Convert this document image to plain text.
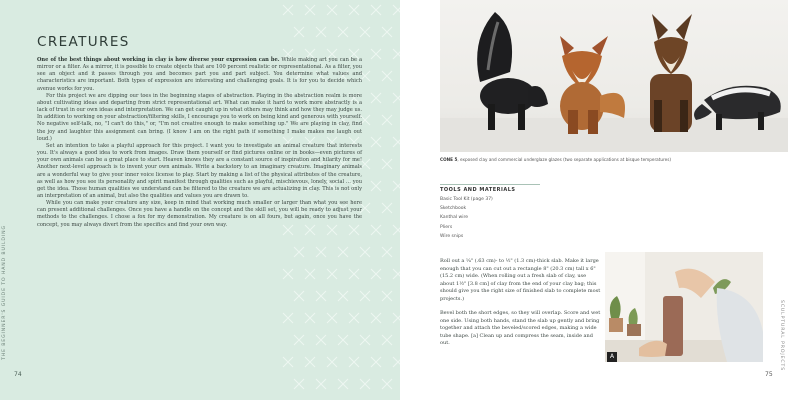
THE BEGINNER'S GUIDE TO HAND BUILDING
CREATURES

One of the best things about working in clay is how diverse your expression can be. While making art you can be a mirror or a filter. As a mirror, it is possible to create objects that are 100 percent realistic or representational. As a filter, you see an object and it passes through you and becomes part you and part subject. You determine what values and characteristics are important. Both types of expression are interesting and challenging goals. It is for you to decide which avenue works for you.

For this project we are dipping our toes in the beginning stages of abstraction. Playing in the abstraction realm is more about cultivating ideas and departing from strict representational art. What can make it hard to work more abstractly is a lack of trust in our own ideas and interpretation. We can get caught up in what others may think and how they may judge us. In addition to working on your abstraction/filtering skills, I encourage you to work on being kind and generous with yourself. No negative self-talk, no, "I can't do this," or, "I'm not creative enough to make something up." We are playing in clay, find the joy and laughter this assignment can bring. (I know I am on the right path if something I make makes me laugh out loud.)

Set an intention to take a playful approach for this project. I want you to investigate an animal creature that interests you. It's always a good idea to work from images. Draw them yourself or find pictures online or in books—even pictures of your own animals can be a great place to start. Heaven knows they are a constant source of inspiration and hilarity for me! Another next-level approach is to invent your own animals. Write a backstory to an imaginary creature. Imaginary animals are a wonderful way to give your inner voice license to play. Start by making a list of the physical attributes of the creature, as well as how you see its personality and spirit manifest through qualities such as playful, mischievous, lonely, social … you get the idea. Those human qualities we understand can be filtered to the creature we are actualizing in clay. This is not only an interpretation of an animal, but also the qualities and values you are drawn to.

While you can make your creature any size, keep in mind that working much smaller or larger than what you see here can present additional challenges. Once you have a handle on the concept and the skill set, you will be ready to adjust your methods to the challenges. I chose a fox for my demonstration. My creature is on all fours, but again, once you have the concept, you may always divert from the specifics and find your own way.

74
CONE 5, exposed clay and commercial underglaze glazes (two separate applications at bisque temperatures)
TOOLS AND MATERIALS
Basic Tool Kit (page 37)
Sketchbook
Kanthal wire
Pliers
Wire snips

Roll out a ¼" (.63 cm)- to ½" (1.3 cm)-thick slab. Make it large enough that you can cut out a rectangle 8" (20.3 cm) tall x 6" (15.2 cm) wide. (When rolling out a fresh slab of clay, use about 1½" [3.8 cm] of clay from the end of your clay bag; this should give you the right size of finished slab to complete most projects.)

Bevel both the short edges, so they will overlap. Score and wet one side. Using both hands, stand the slab up gently and bring together and attach the beveled/scored edges, making a wide tube shape. [a] Clean up and compress the seam, inside and out.

A	SCULPTURAL PROJECTS
75
